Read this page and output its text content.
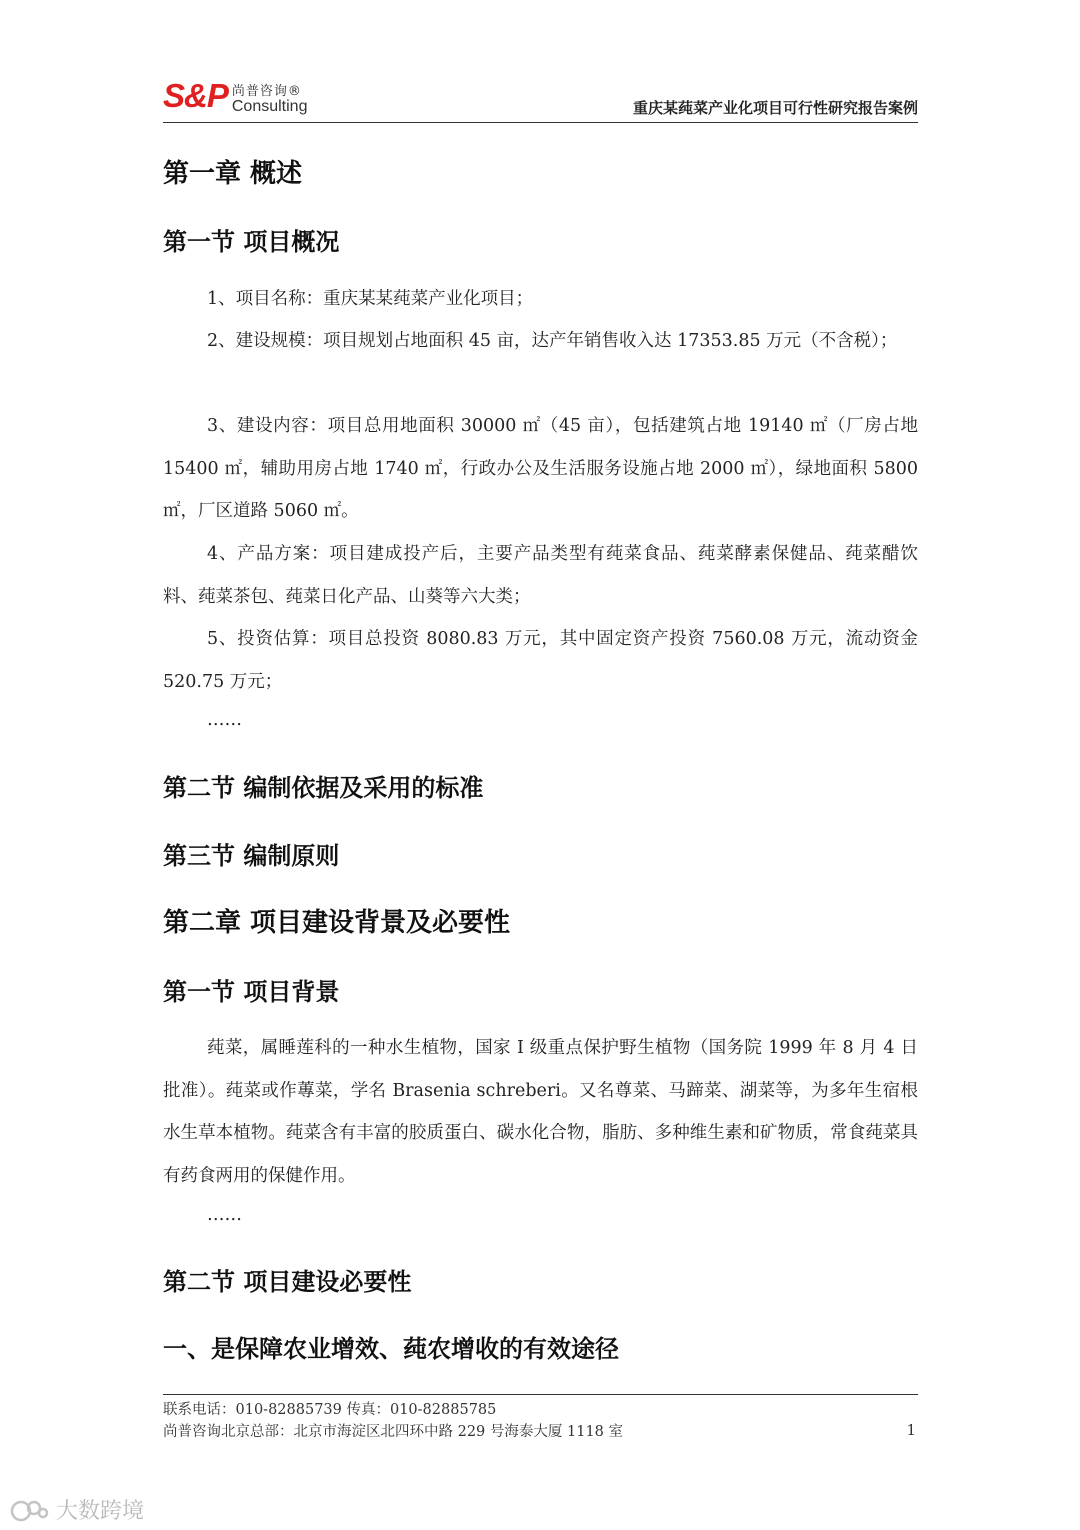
S&P 尚普咨询®
Consulting	重庆某莼菜产业化项目可行性研究报告案例
第一章 概述
第一节 项目概况
1、项目名称：重庆某某莼菜产业化项目；
2、建设规模：项目规划占地面积 45 亩，达产年销售收入达 17353.85 万元（不含税）；
3、建设内容：项目总用地面积 30000 ㎡（45 亩），包括建筑占地 19140 ㎡（厂房占地 15400 ㎡，辅助用房占地 1740 ㎡，行政办公及生活服务设施占地 2000 ㎡），绿地面积 5800 ㎡，厂区道路 5060 ㎡。
4、产品方案：项目建成投产后，主要产品类型有莼菜食品、莼菜酵素保健品、莼菜醋饮料、莼菜茶包、莼菜日化产品、山葵等六大类；
5、投资估算：项目总投资 8080.83 万元，其中固定资产投资 7560.08 万元，流动资金 520.75 万元；
……
第二节 编制依据及采用的标准
第三节 编制原则
第二章 项目建设背景及必要性
第一节 项目背景
莼菜，属睡莲科的一种水生植物，国家 I 级重点保护野生植物（国务院 1999 年 8 月 4 日批准）。莼菜或作蓴菜，学名 Brasenia schreberi。又名尊菜、马蹄菜、湖菜等，为多年生宿根水生草本植物。莼菜含有丰富的胶质蛋白、碳水化合物，脂肪、多种维生素和矿物质，常食莼菜具有药食两用的保健作用。
……
第二节 项目建设必要性
一、是保障农业增效、莼农增收的有效途径
联系电话：010-82885739 传真：010-82885785
尚普咨询北京总部：北京市海淀区北四环中路 229 号海泰大厦 1118 室	1
大数跨境
